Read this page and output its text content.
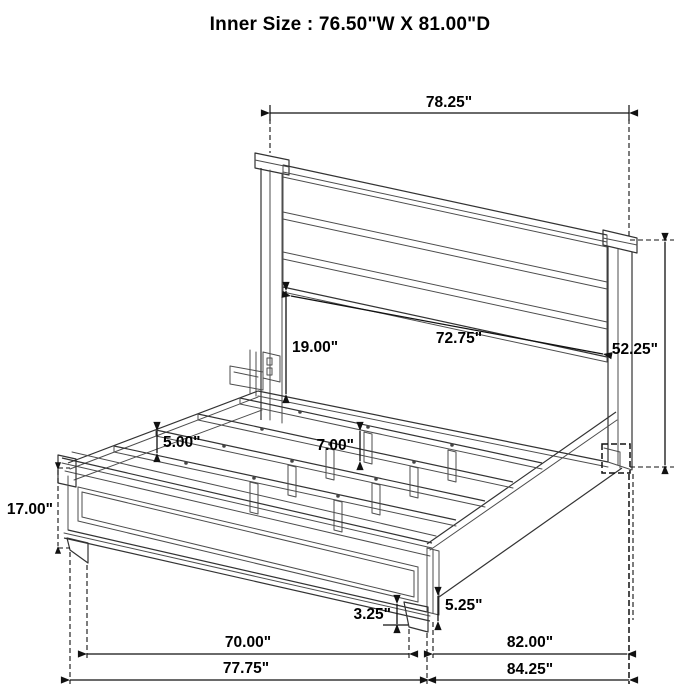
Inner Size : 76.50"W X 81.00"D
78.25"
72.75"
19.00"	52.25"
5.00"	7.00"
17.00"
3.25"
5.25"
70.00"	82.00"
77.75"	84.25"
